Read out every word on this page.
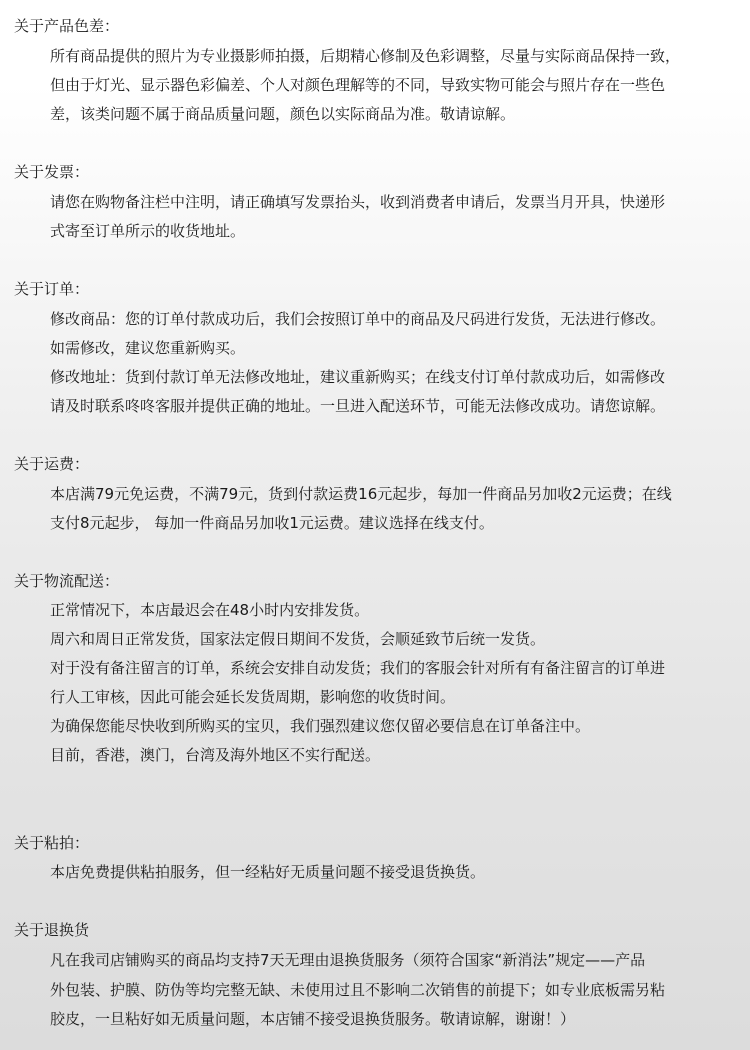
关于产品色差：
所有商品提供的照片为专业摄影师拍摄，后期精心修制及色彩调整，尽量与实际商品保持一致，
但由于灯光、显示器色彩偏差、个人对颜色理解等的不同，导致实物可能会与照片存在一些色
差，该类问题不属于商品质量问题，颜色以实际商品为准。敬请谅解。
关于发票：
请您在购物备注栏中注明，请正确填写发票抬头，收到消费者申请后，发票当月开具，快递形
式寄至订单所示的收货地址。
关于订单：
修改商品：您的订单付款成功后，我们会按照订单中的商品及尺码进行发货，无法进行修改。
如需修改，建议您重新购买。
修改地址：货到付款订单无法修改地址，建议重新购买；在线支付订单付款成功后，如需修改
请及时联系咚咚客服并提供正确的地址。一旦进入配送环节，可能无法修改成功。请您谅解。
关于运费：
本店满79元免运费，不满79元，货到付款运费16元起步，每加一件商品另加收2元运费；在线
支付8元起步， 每加一件商品另加收1元运费。建议选择在线支付。
关于物流配送：
正常情况下，本店最迟会在48小时内安排发货。
周六和周日正常发货，国家法定假日期间不发货，会顺延致节后统一发货。
对于没有备注留言的订单，系统会安排自动发货；我们的客服会针对所有有备注留言的订单进
行人工审核，因此可能会延长发货周期，影响您的收货时间。
为确保您能尽快收到所购买的宝贝，我们强烈建议您仅留必要信息在订单备注中。
目前，香港，澳门，台湾及海外地区不实行配送。
关于粘拍：
本店免费提供粘拍服务，但一经粘好无质量问题不接受退货换货。
关于退换货
凡在我司店铺购买的商品均支持7天无理由退换货服务（须符合国家“新消法”规定——产品
外包装、护膜、防伪等均完整无缺、未使用过且不影响二次销售的前提下；如专业底板需另粘
胶皮，一旦粘好如无质量问题，本店铺不接受退换货服务。敬请谅解，谢谢！）
